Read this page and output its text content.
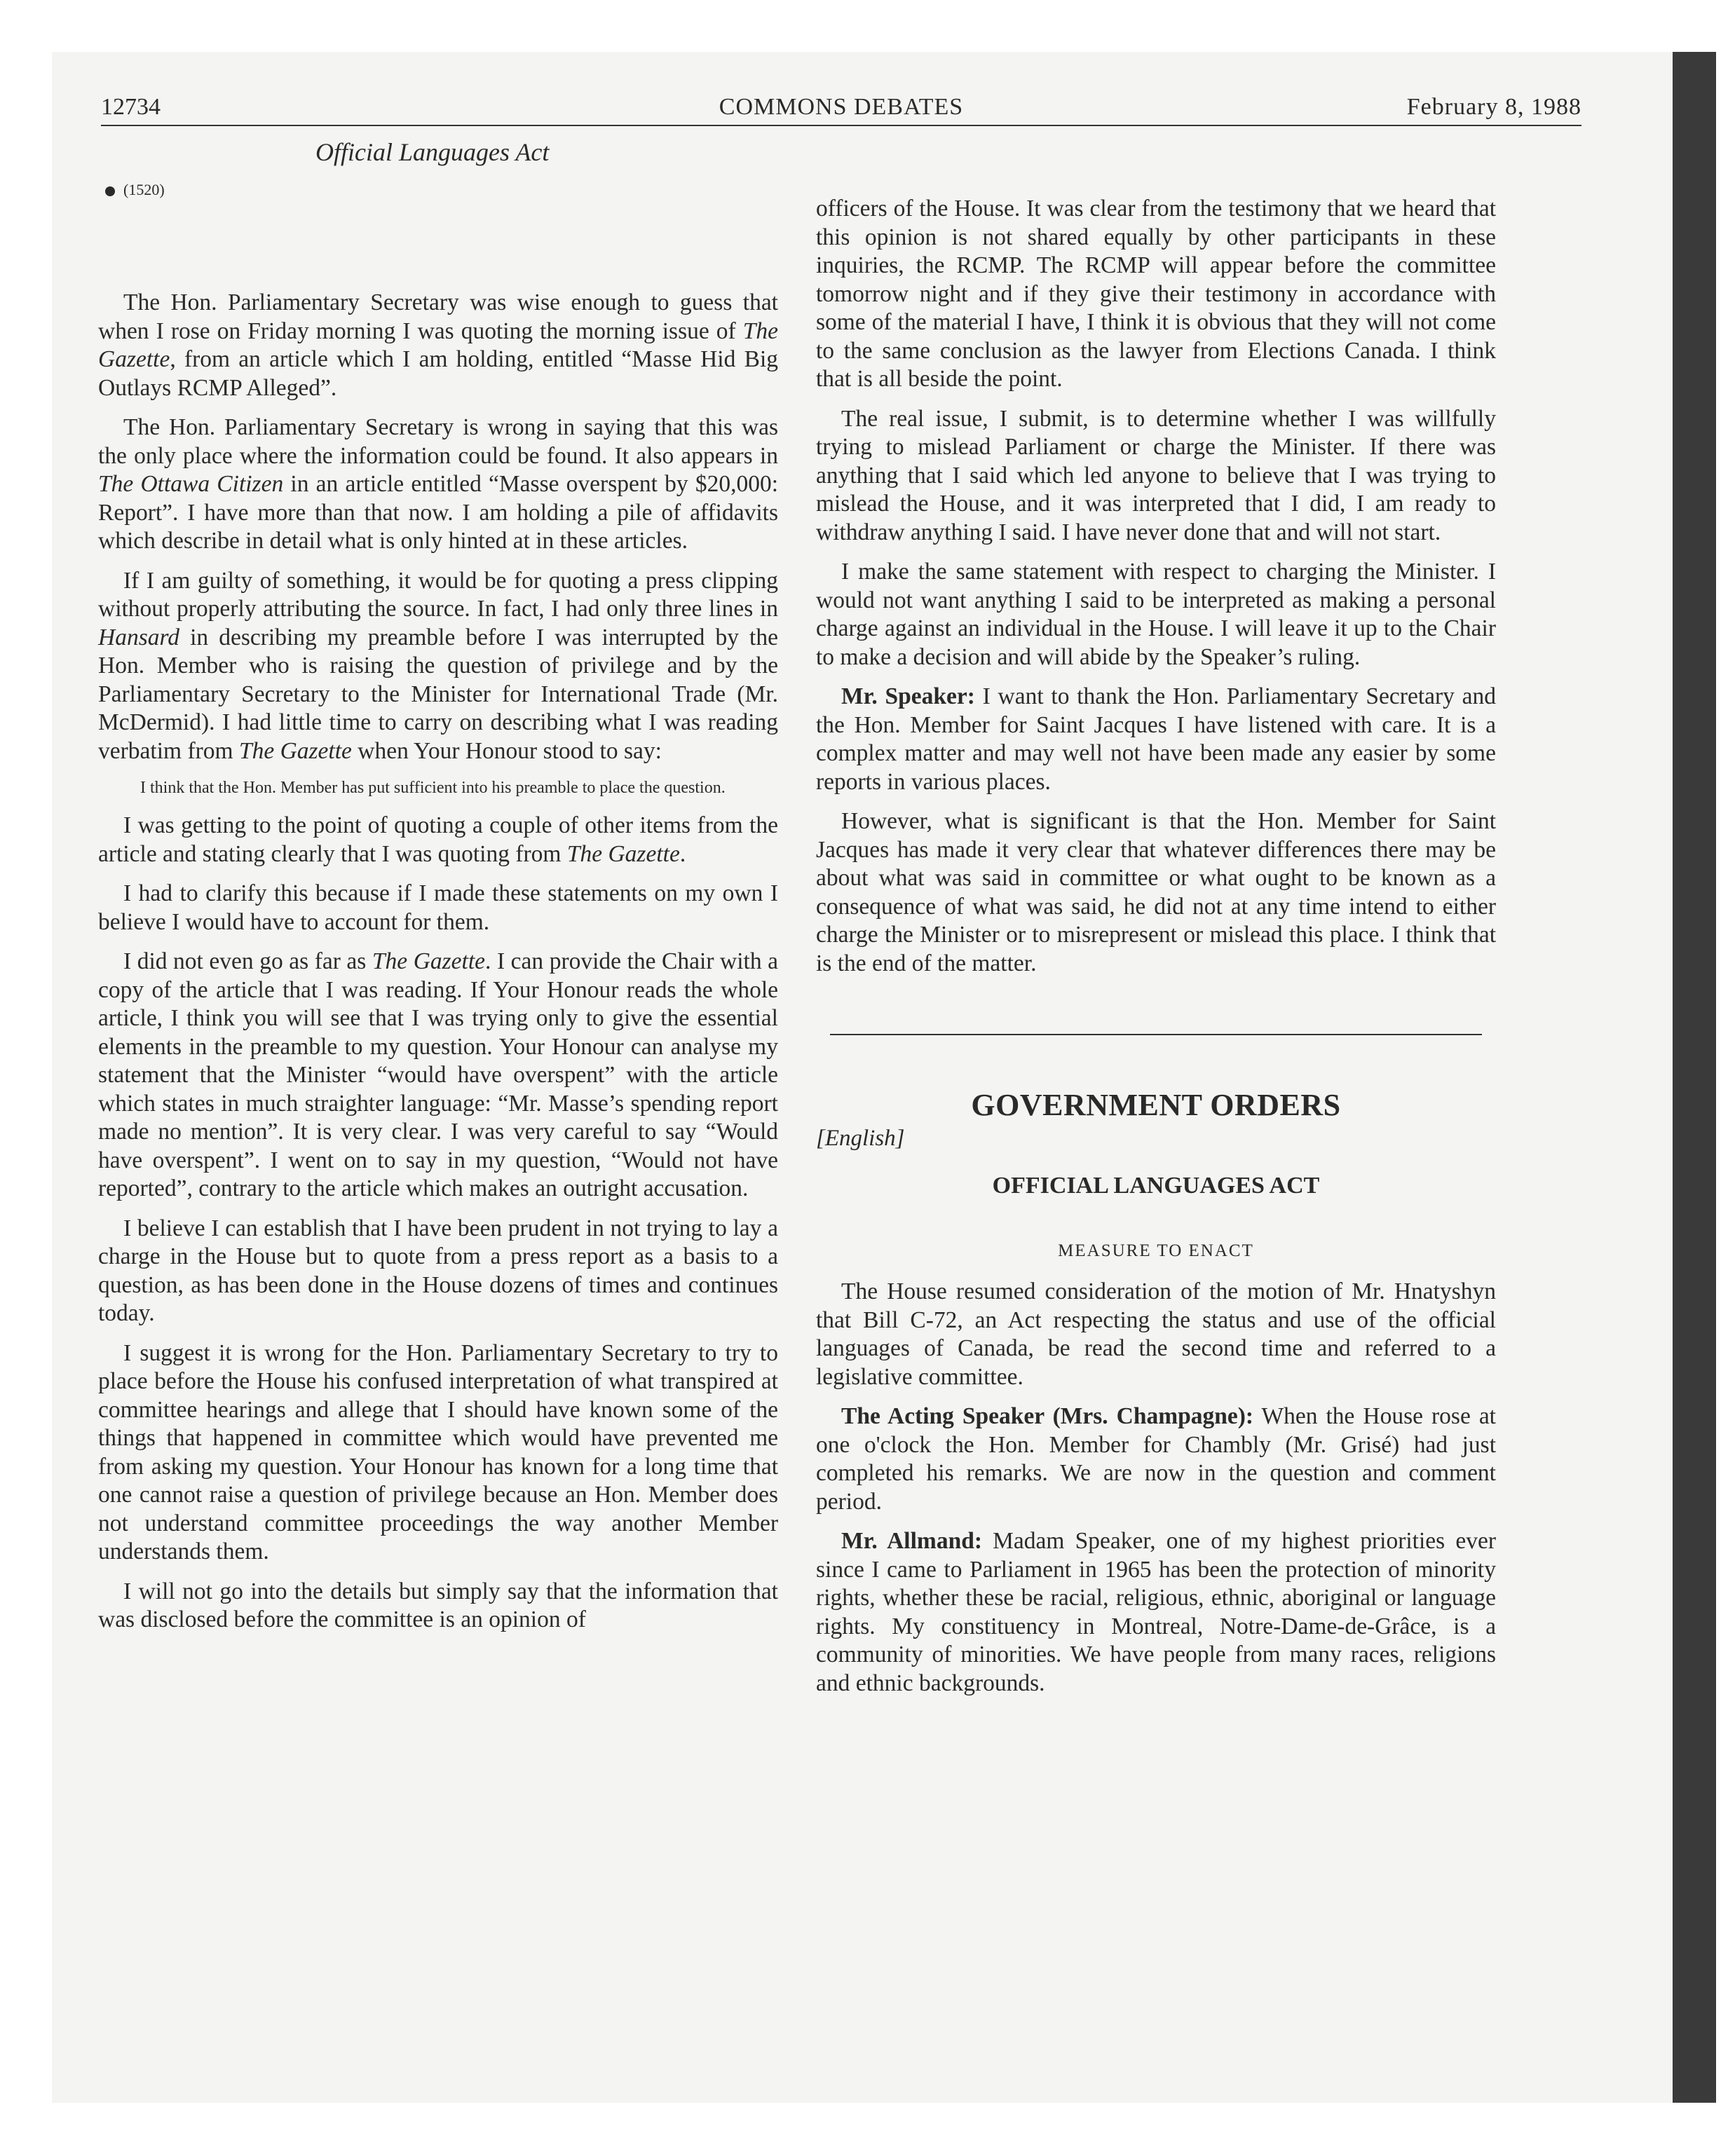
12734	COMMONS DEBATES	February 8, 1988
Official Languages Act
(1520)

The Hon. Parliamentary Secretary was wise enough to guess that when I rose on Friday morning I was quoting the morning issue of The Gazette, from an article which I am holding, entitled “Masse Hid Big Outlays RCMP Alleged”.

The Hon. Parliamentary Secretary is wrong in saying that this was the only place where the information could be found. It also appears in The Ottawa Citizen in an article entitled “Masse overspent by $20,000: Report”. I have more than that now. I am holding a pile of affidavits which describe in detail what is only hinted at in these articles.

If I am guilty of something, it would be for quoting a press clipping without properly attributing the source. In fact, I had only three lines in Hansard in describing my preamble before I was interrupted by the Hon. Member who is raising the question of privilege and by the Parliamentary Secretary to the Minister for International Trade (Mr. McDermid). I had little time to carry on describing what I was reading verbatim from The Gazette when Your Honour stood to say:

I think that the Hon. Member has put sufficient into his preamble to place the question.

I was getting to the point of quoting a couple of other items from the article and stating clearly that I was quoting from The Gazette.

I had to clarify this because if I made these statements on my own I believe I would have to account for them.

I did not even go as far as The Gazette. I can provide the Chair with a copy of the article that I was reading. If Your Honour reads the whole article, I think you will see that I was trying only to give the essential elements in the preamble to my question. Your Honour can analyse my statement that the Minister “would have overspent” with the article which states in much straighter language: “Mr. Masse’s spending report made no mention”. It is very clear. I was very careful to say “Would have overspent”. I went on to say in my question, “Would not have reported”, contrary to the article which makes an outright accusation.

I believe I can establish that I have been prudent in not trying to lay a charge in the House but to quote from a press report as a basis to a question, as has been done in the House dozens of times and continues today.

I suggest it is wrong for the Hon. Parliamentary Secretary to try to place before the House his confused interpretation of what transpired at committee hearings and allege that I should have known some of the things that happened in committee which would have prevented me from asking my question. Your Honour has known for a long time that one cannot raise a question of privilege because an Hon. Member does not understand committee proceedings the way another Member understands them.

I will not go into the details but simply say that the information that was disclosed before the committee is an opinion of

officers of the House. It was clear from the testimony that we heard that this opinion is not shared equally by other participants in these inquiries, the RCMP. The RCMP will appear before the committee tomorrow night and if they give their testimony in accordance with some of the material I have, I think it is obvious that they will not come to the same conclusion as the lawyer from Elections Canada. I think that is all beside the point.

The real issue, I submit, is to determine whether I was willfully trying to mislead Parliament or charge the Minister. If there was anything that I said which led anyone to believe that I was trying to mislead the House, and it was interpreted that I did, I am ready to withdraw anything I said. I have never done that and will not start.

I make the same statement with respect to charging the Minister. I would not want anything I said to be interpreted as making a personal charge against an individual in the House. I will leave it up to the Chair to make a decision and will abide by the Speaker’s ruling.

Mr. Speaker: I want to thank the Hon. Parliamentary Secretary and the Hon. Member for Saint Jacques I have listened with care. It is a complex matter and may well not have been made any easier by some reports in various places.

However, what is significant is that the Hon. Member for Saint Jacques has made it very clear that whatever differences there may be about what was said in committee or what ought to be known as a consequence of what was said, he did not at any time intend to either charge the Minister or to misrepresent or mislead this place. I think that is the end of the matter.

GOVERNMENT ORDERS
[English]
OFFICIAL LANGUAGES ACT
MEASURE TO ENACT

The House resumed consideration of the motion of Mr. Hnatyshyn that Bill C-72, an Act respecting the status and use of the official languages of Canada, be read the second time and referred to a legislative committee.

The Acting Speaker (Mrs. Champagne): When the House rose at one o'clock the Hon. Member for Chambly (Mr. Grisé) had just completed his remarks. We are now in the question and comment period.

Mr. Allmand: Madam Speaker, one of my highest priorities ever since I came to Parliament in 1965 has been the protection of minority rights, whether these be racial, religious, ethnic, aboriginal or language rights. My constituency in Montreal, Notre-Dame-de-Grâce, is a community of minorities. We have people from many races, religions and ethnic backgrounds.
